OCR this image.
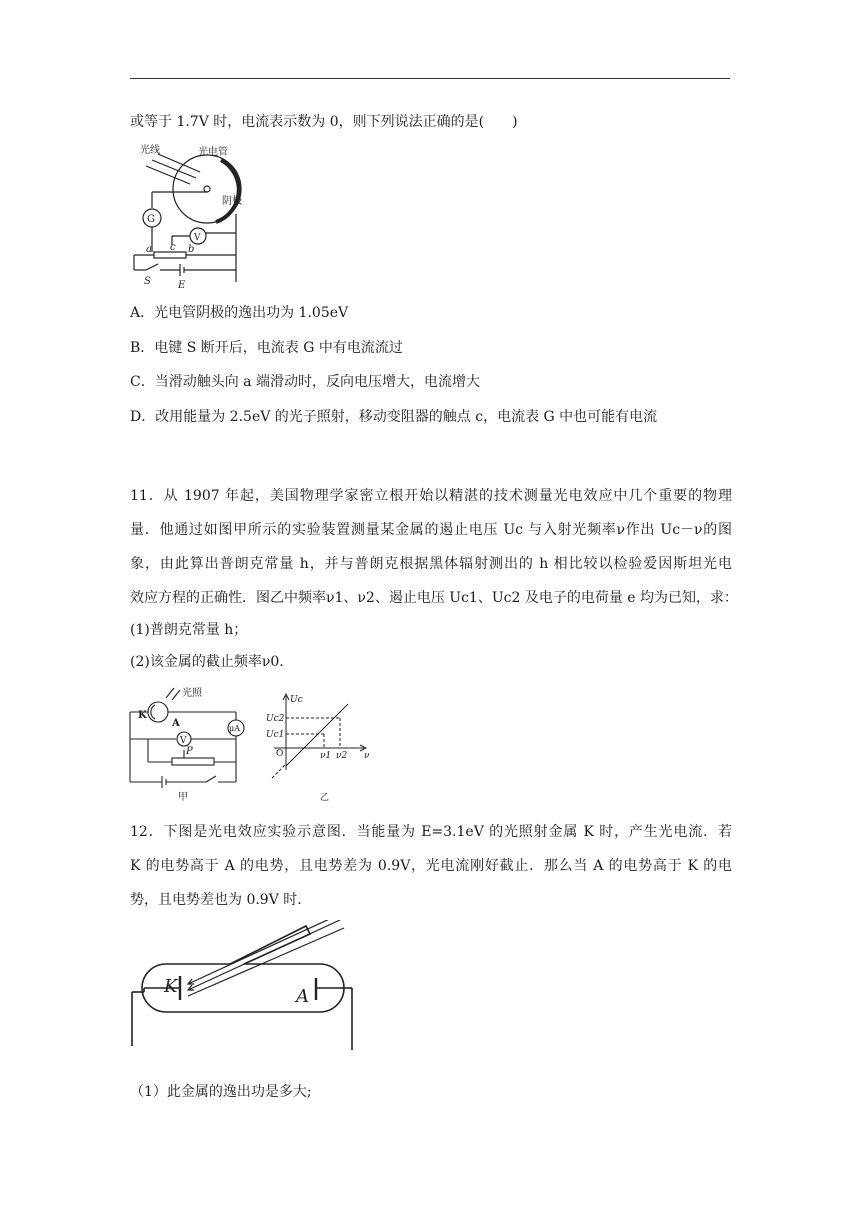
或等于 1.7V 时，电流表示数为 0，则下列说法正确的是(　　)
光线	光电管
阴极
G
V
a	b
c
S	E
A．光电管阴极的逸出功为 1.05eV
B．电键 S 断开后，电流表 G 中有电流流过
C．当滑动触头向 a 端滑动时，反向电压增大，电流增大
D．改用能量为 2.5eV 的光子照射，移动变阻器的触点 c，电流表 G 中也可能有电流
11．从 1907 年起，美国物理学家密立根开始以精湛的技术测量光电效应中几个重要的物理
量．他通过如图甲所示的实验装置测量某金属的遏止电压 Uc 与入射光频率ν作出 Uc－ν的图
象，由此算出普朗克常量 h，并与普朗克根据黑体辐射测出的 h 相比较以检验爱因斯坦光电
效应方程的正确性．图乙中频率ν1、ν2、遏止电压 Uc1、Uc2 及电子的电荷量 e 均为已知，求：
(1)普朗克常量 h；
(2)该金属的截止频率ν0.
光照
K
A	μA
V
P
甲
Uc
Uc2
Uc1
O	ν1 ν2 ν
乙
12．下图是光电效应实验示意图．当能量为 E=3.1eV 的光照射金属 K 时，产生光电流．若
K 的电势高于 A 的电势，且电势差为 0.9V，光电流刚好截止．那么当 A 的电势高于 K 的电
势，且电势差也为 0.9V 时．
K	A
（1）此金属的逸出功是多大;
